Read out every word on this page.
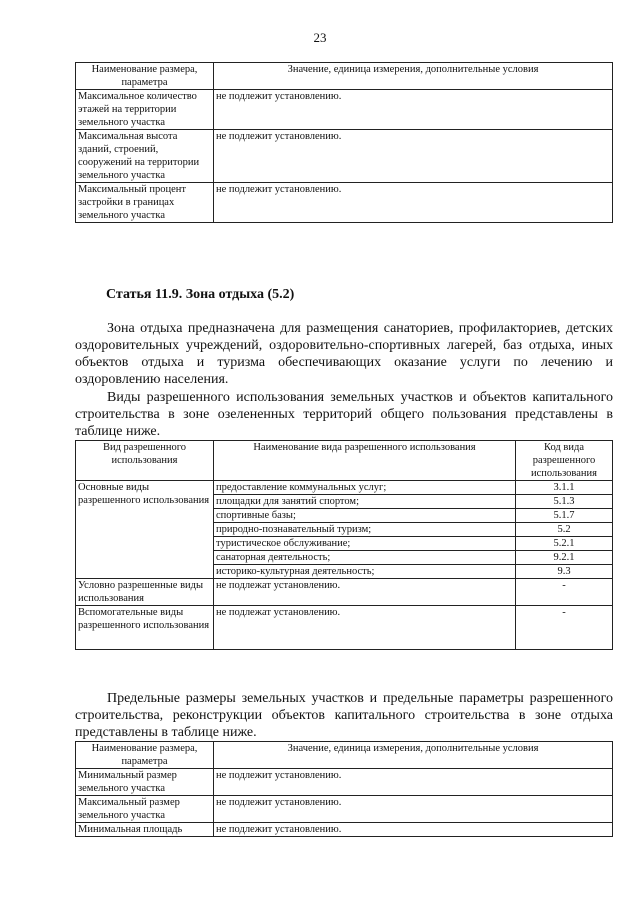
23
Наименование размера, параметра	Значение, единица измерения, дополнительные условия
Максимальное количество этажей на территории земельного участка	не подлежит установлению.
Максимальная высота зданий, строений, сооружений на территории земельного участка	не подлежит установлению.
Максимальный процент застройки в границах земельного участка	не подлежит установлению.
Статья 11.9. Зона отдыха (5.2)
Зона отдыха предназначена для размещения санаториев, профилакториев, детских оздоровительных учреждений, оздоровительно-спортивных лагерей, баз отдыха, иных объектов отдыха и туризма обеспечивающих оказание услуги по лечению и оздоровлению населения.
Виды разрешенного использования земельных участков и объектов капитального строительства в зоне озелененных территорий общего пользования представлены в таблице ниже.
Вид разрешенного использования	Наименование вида разрешенного использования	Код вида разрешенного использования
Основные виды разрешенного использования	предоставление коммунальных услуг;	3.1.1
	площадки для занятий спортом;	5.1.3
	спортивные базы;	5.1.7
	природно-познавательный туризм;	5.2
	туристическое обслуживание;	5.2.1
	санаторная деятельность;	9.2.1
	историко-культурная деятельность;	9.3
Условно разрешенные виды использования	не подлежат установлению.	-
Вспомогательные виды разрешенного использования	не подлежат установлению.	-
Предельные размеры земельных участков и предельные параметры разрешенного строительства, реконструкции объектов капитального строительства в зоне отдыха представлены в таблице ниже.
Наименование размера, параметра	Значение, единица измерения, дополнительные условия
Минимальный размер земельного участка	не подлежит установлению.
Максимальный размер земельного участка	не подлежит установлению.
Минимальная площадь	не подлежит установлению.
